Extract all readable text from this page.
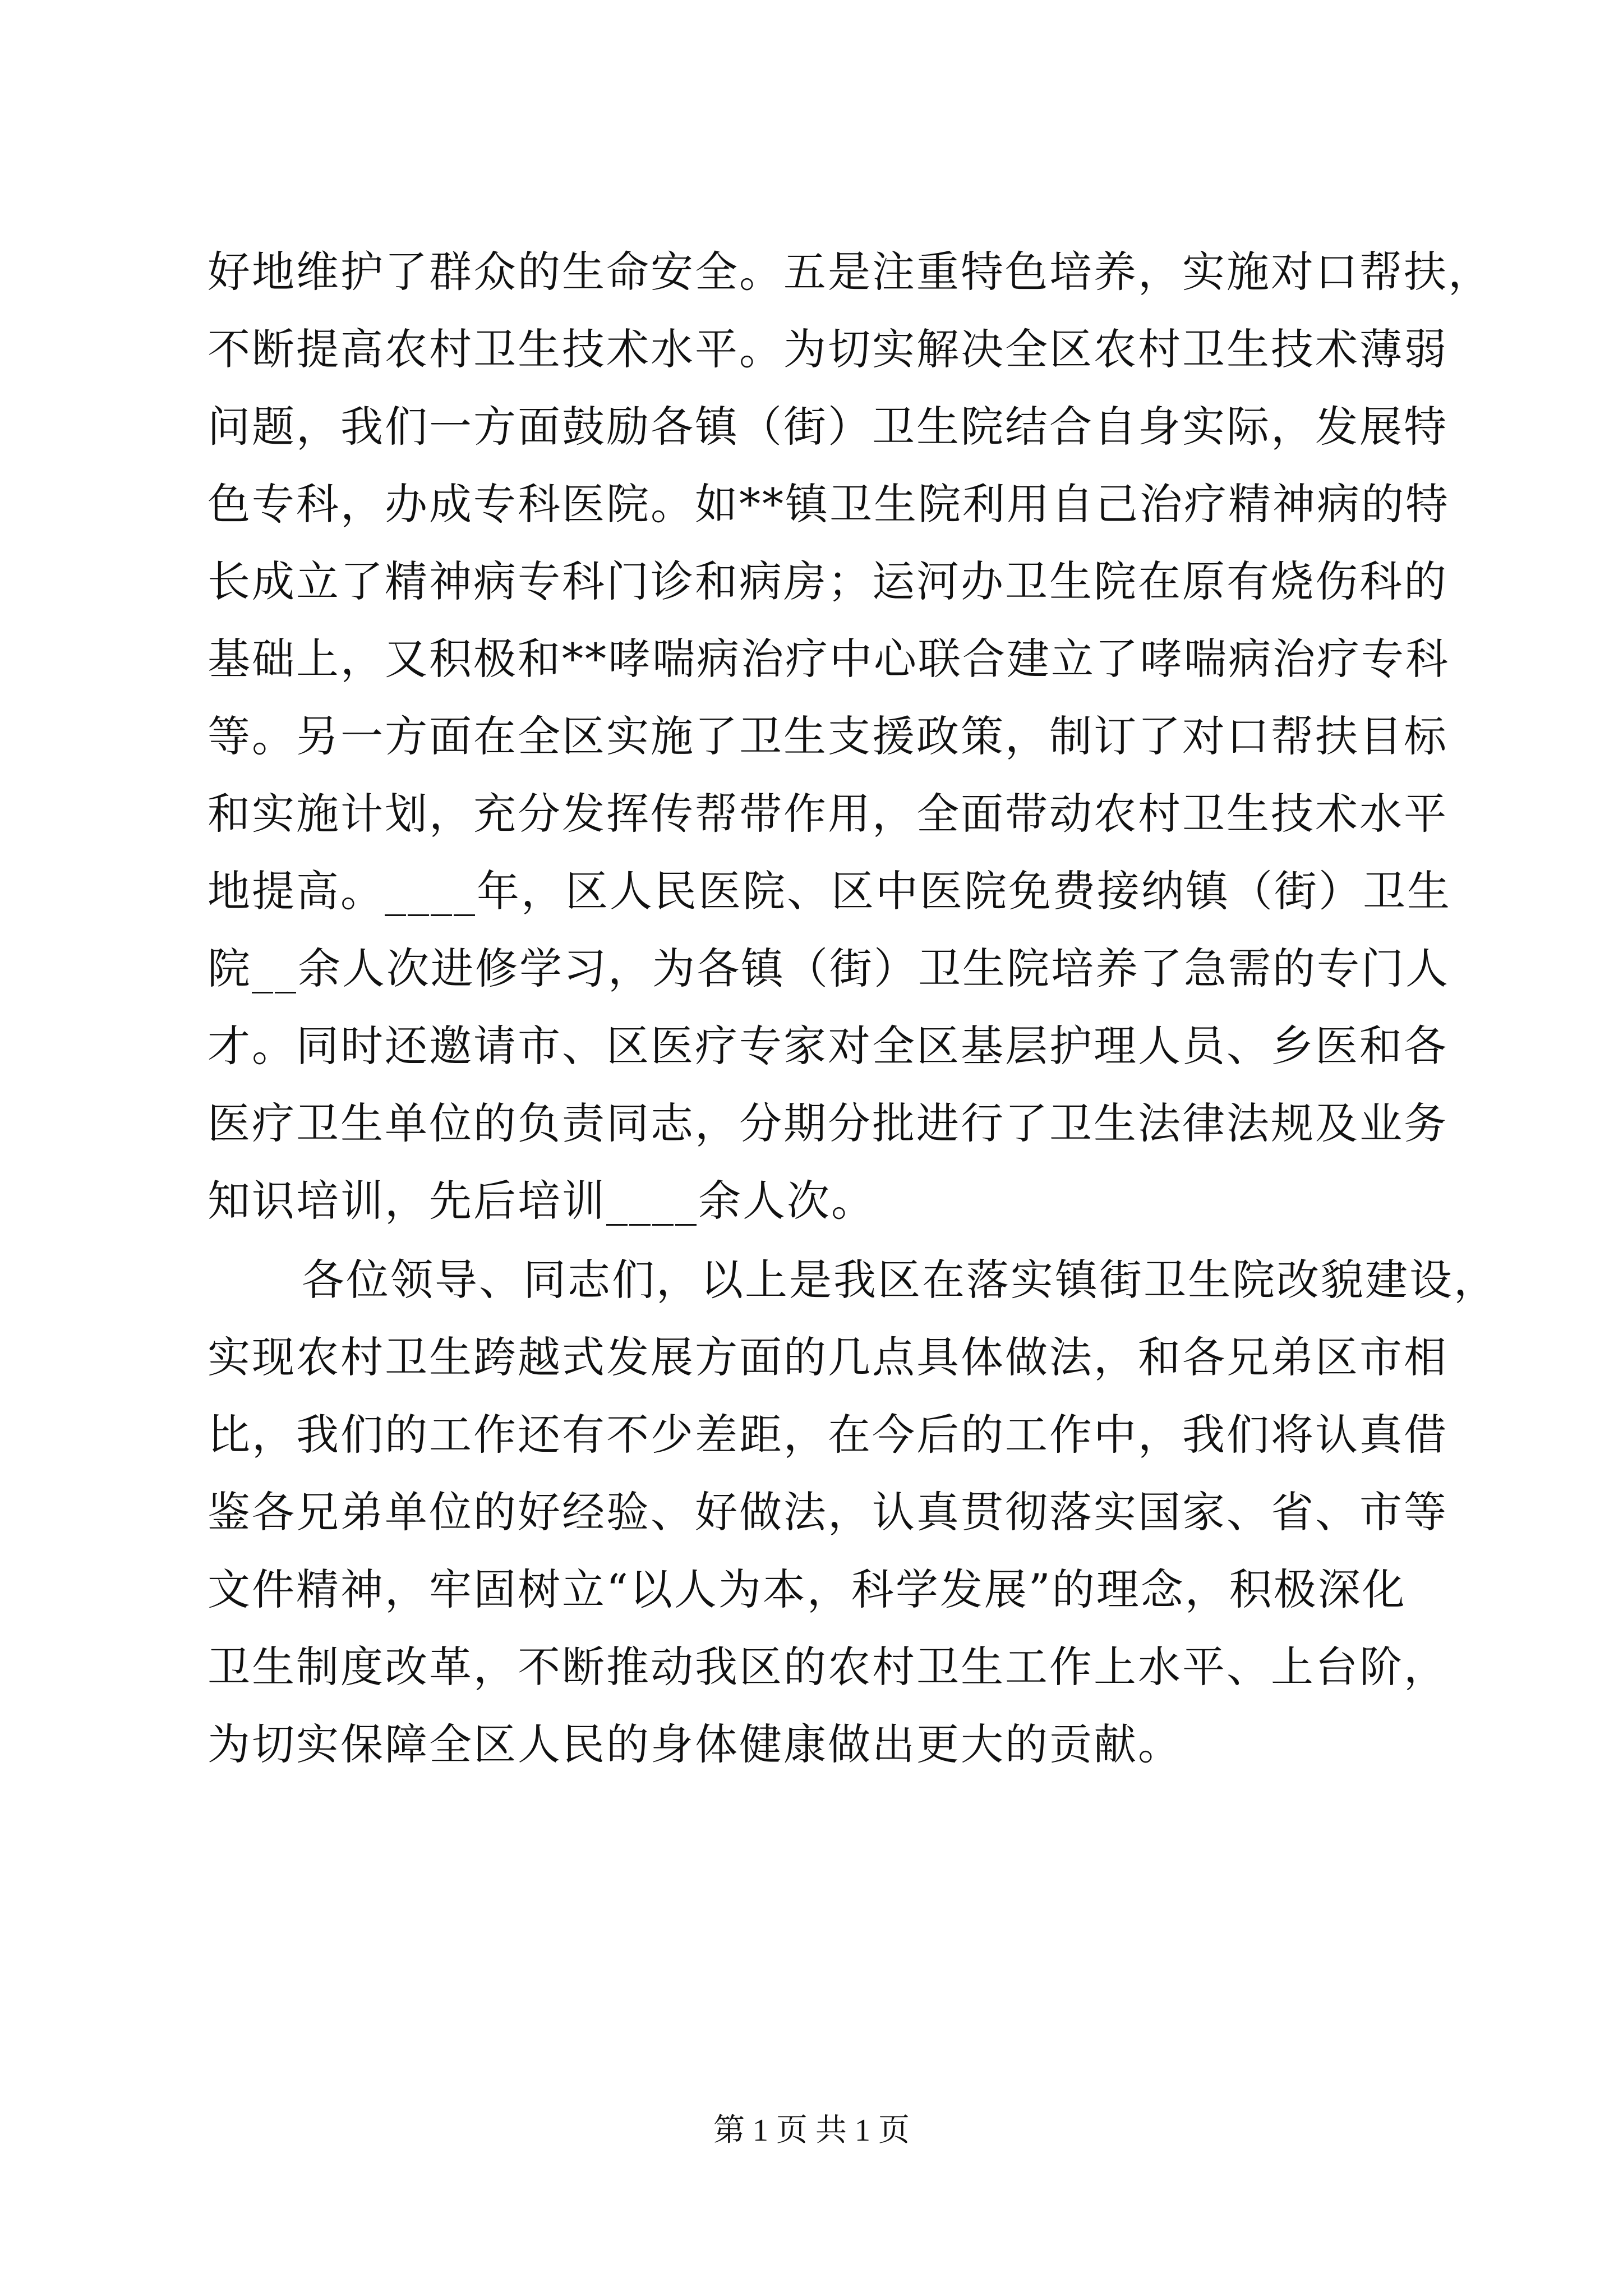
好地维护了群众的生命安全。五是注重特色培养，实施对口帮扶，
不断提高农村卫生技术水平。为切实解决全区农村卫生技术薄弱
问题，我们一方面鼓励各镇（街）卫生院结合自身实际，发展特
色专科，办成专科医院。如**镇卫生院利用自己治疗精神病的特
长成立了精神病专科门诊和病房；运河办卫生院在原有烧伤科的
基础上，又积极和**哮喘病治疗中心联合建立了哮喘病治疗专科
等。另一方面在全区实施了卫生支援政策，制订了对口帮扶目标
和实施计划，充分发挥传帮带作用，全面带动农村卫生技术水平
地提高。____年，区人民医院、区中医院免费接纳镇（街）卫生
院__余人次进修学习，为各镇（街）卫生院培养了急需的专门人
才。同时还邀请市、区医疗专家对全区基层护理人员、乡医和各
医疗卫生单位的负责同志，分期分批进行了卫生法律法规及业务
知识培训，先后培训____余人次。
各位领导、同志们，以上是我区在落实镇街卫生院改貌建设，
实现农村卫生跨越式发展方面的几点具体做法，和各兄弟区市相
比，我们的工作还有不少差距，在今后的工作中，我们将认真借
鉴各兄弟单位的好经验、好做法，认真贯彻落实国家、省、市等
文件精神，牢固树立“以人为本，科学发展”的理念，积极深化
卫生制度改革，不断推动我区的农村卫生工作上水平、上台阶，
为切实保障全区人民的身体健康做出更大的贡献。
第 1 页 共 1 页
